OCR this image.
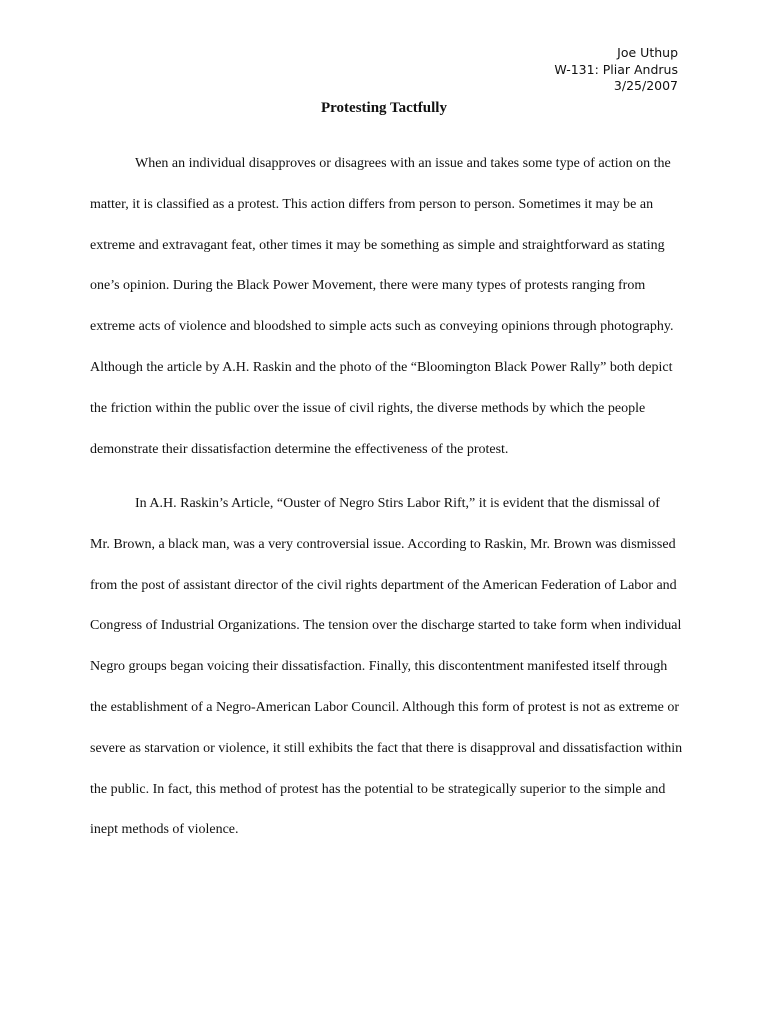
Joe Uthup
W-131: Pliar Andrus
3/25/2007
Protesting Tactfully
When an individual disapproves or disagrees with an issue and takes some type of action on the
matter, it is classified as a protest. This action differs from person to person. Sometimes it may be an
extreme and extravagant feat, other times it may be something as simple and straightforward as stating
one’s opinion. During the Black Power Movement, there were many types of protests ranging from
extreme acts of violence and bloodshed to simple acts such as conveying opinions through photography.
Although the article by A.H. Raskin and the photo of the “Bloomington Black Power Rally” both depict
the friction within the public over the issue of civil rights, the diverse methods by which the people
demonstrate their dissatisfaction determine the effectiveness of the protest.
In A.H. Raskin’s Article, “Ouster of Negro Stirs Labor Rift,” it is evident that the dismissal of
Mr. Brown, a black man, was a very controversial issue. According to Raskin, Mr. Brown was dismissed
from the post of assistant director of the civil rights department of the American Federation of Labor and
Congress of Industrial Organizations. The tension over the discharge started to take form when individual
Negro groups began voicing their dissatisfaction. Finally, this discontentment manifested itself through
the establishment of a Negro-American Labor Council. Although this form of protest is not as extreme or
severe as starvation or violence, it still exhibits the fact that there is disapproval and dissatisfaction within
the public. In fact, this method of protest has the potential to be strategically superior to the simple and
inept methods of violence.
